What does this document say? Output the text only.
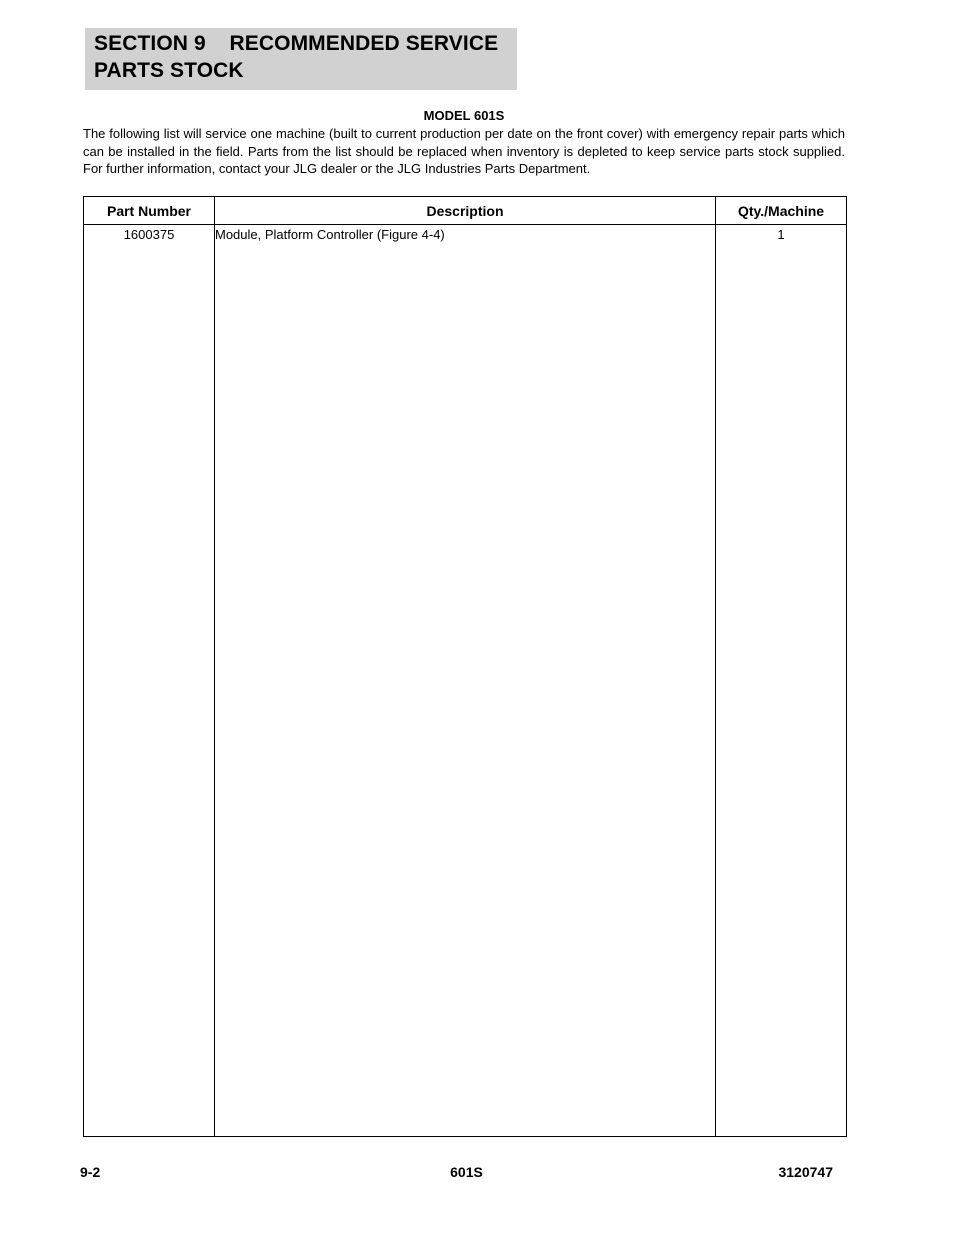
SECTION 9    RECOMMENDED SERVICE
PARTS STOCK
MODEL 601S

The following list will service one machine (built to current production per date on the front cover) with emergency repair parts which can be installed in the field. Parts from the list should be replaced when inventory is depleted to keep service parts stock supplied. For further information, contact your JLG dealer or the JLG Industries Parts Department.

Part Number	Description	Qty./Machine
1600375	Module, Platform Controller (Figure 4-4)	1
9-2	601S	3120747
